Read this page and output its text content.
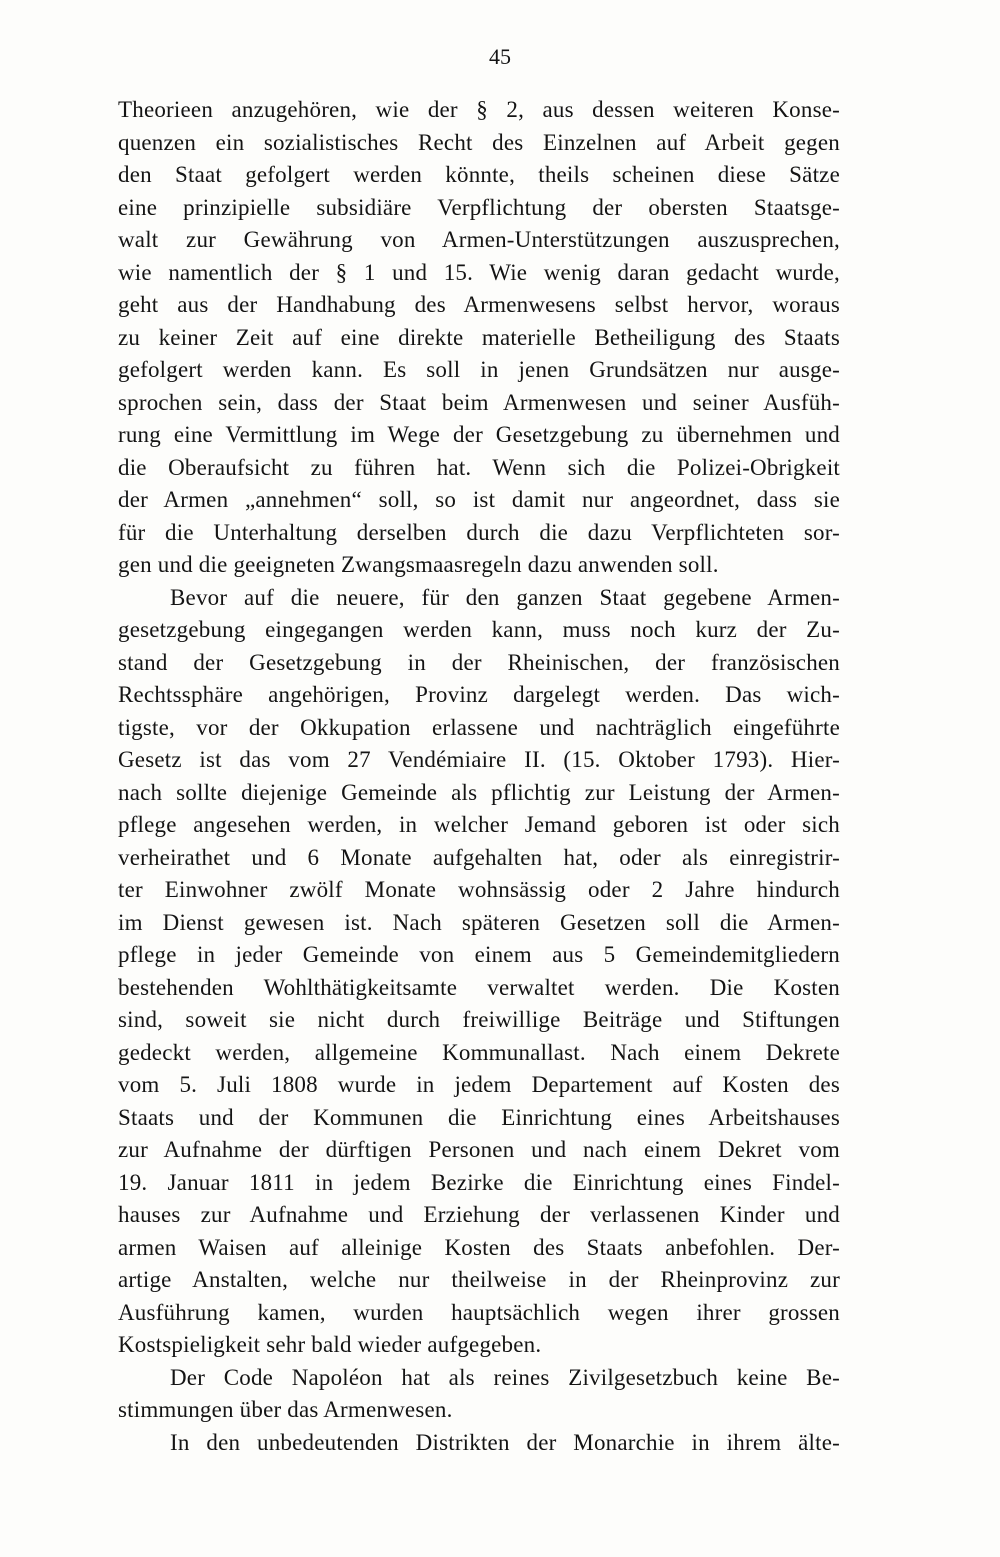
45
Theorieen anzugehören, wie der § 2, aus dessen weiteren Konse-
quenzen ein sozialistisches Recht des Einzelnen auf Arbeit gegen
den Staat gefolgert werden könnte, theils scheinen diese Sätze
eine prinzipielle subsidiäre Verpflichtung der obersten Staatsge-
walt zur Gewährung von Armen-Unterstützungen auszusprechen,
wie namentlich der § 1 und 15. Wie wenig daran gedacht wurde,
geht aus der Handhabung des Armenwesens selbst hervor, woraus
zu keiner Zeit auf eine direkte materielle Betheiligung des Staats
gefolgert werden kann. Es soll in jenen Grundsätzen nur ausge-
sprochen sein, dass der Staat beim Armenwesen und seiner Ausfüh-
rung eine Vermittlung im Wege der Gesetzgebung zu übernehmen und
die Oberaufsicht zu führen hat. Wenn sich die Polizei-Obrigkeit
der Armen „annehmen“ soll, so ist damit nur angeordnet, dass sie
für die Unterhaltung derselben durch die dazu Verpflichteten sor-
gen und die geeigneten Zwangsmaasregeln dazu anwenden soll.
Bevor auf die neuere, für den ganzen Staat gegebene Armen-
gesetzgebung eingegangen werden kann, muss noch kurz der Zu-
stand der Gesetzgebung in der Rheinischen, der französischen
Rechtssphäre angehörigen, Provinz dargelegt werden. Das wich-
tigste, vor der Okkupation erlassene und nachträglich eingeführte
Gesetz ist das vom 27 Vendémiaire II. (15. Oktober 1793). Hier-
nach sollte diejenige Gemeinde als pflichtig zur Leistung der Armen-
pflege angesehen werden, in welcher Jemand geboren ist oder sich
verheirathet und 6 Monate aufgehalten hat, oder als einregistrir-
ter Einwohner zwölf Monate wohnsässig oder 2 Jahre hindurch
im Dienst gewesen ist. Nach späteren Gesetzen soll die Armen-
pflege in jeder Gemeinde von einem aus 5 Gemeindemitgliedern
bestehenden Wohlthätigkeitsamte verwaltet werden. Die Kosten
sind, soweit sie nicht durch freiwillige Beiträge und Stiftungen
gedeckt werden, allgemeine Kommunallast. Nach einem Dekrete
vom 5. Juli 1808 wurde in jedem Departement auf Kosten des
Staats und der Kommunen die Einrichtung eines Arbeitshauses
zur Aufnahme der dürftigen Personen und nach einem Dekret vom
19. Januar 1811 in jedem Bezirke die Einrichtung eines Findel-
hauses zur Aufnahme und Erziehung der verlassenen Kinder und
armen Waisen auf alleinige Kosten des Staats anbefohlen. Der-
artige Anstalten, welche nur theilweise in der Rheinprovinz zur
Ausführung kamen, wurden hauptsächlich wegen ihrer grossen
Kostspieligkeit sehr bald wieder aufgegeben.
Der Code Napoléon hat als reines Zivilgesetzbuch keine Be-
stimmungen über das Armenwesen.
In den unbedeutenden Distrikten der Monarchie in ihrem älte-
